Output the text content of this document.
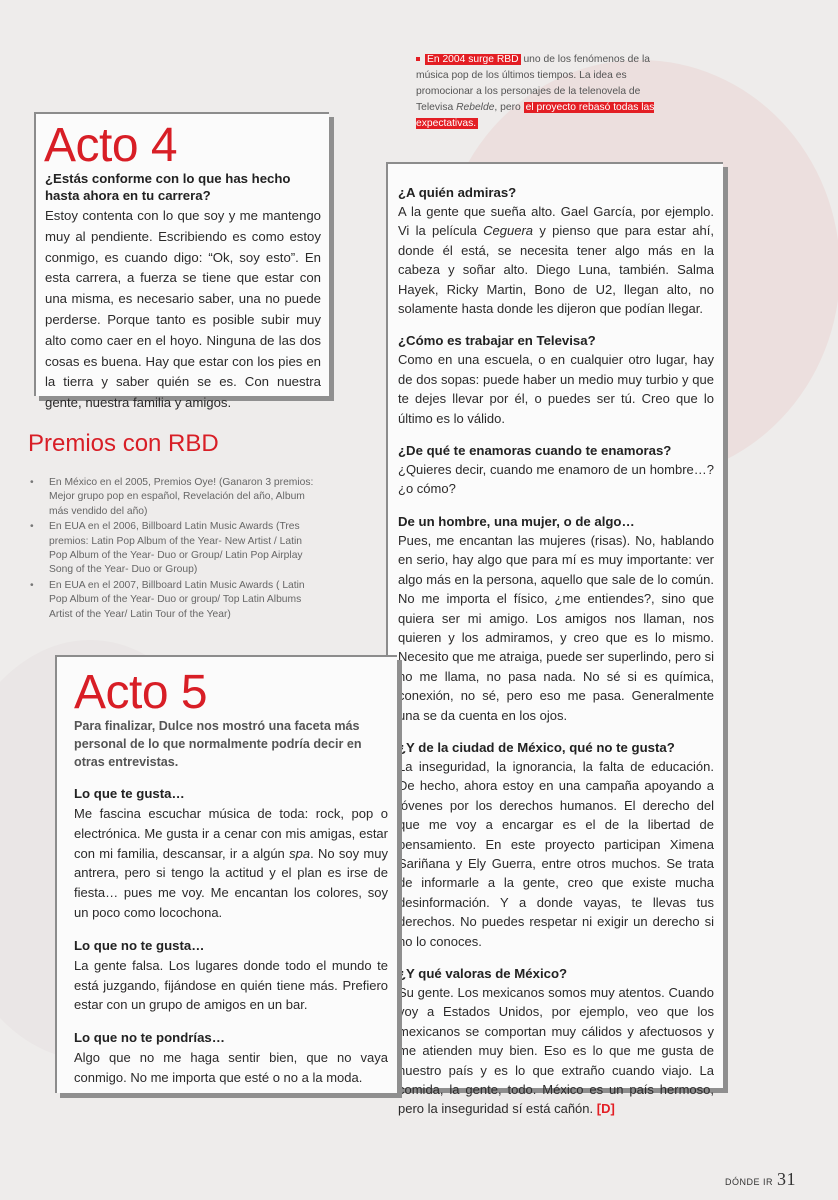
En 2004 surge RBD uno de los fenómenos de la música pop de los últimos tiempos. La idea es promocionar a los personajes de la telenovela de Televisa Rebelde, pero el proyecto rebasó todas las expectativas.
Acto 4
¿Estás conforme con lo que has hecho hasta ahora en tu carrera?
Estoy contenta con lo que soy y me mantengo muy al pendiente. Escribiendo es como estoy conmigo, es cuando digo: “Ok, soy esto”. En esta carrera, a fuerza se tiene que estar con una misma, es necesario saber, una no puede perderse. Porque tanto es posible subir muy alto como caer en el hoyo. Ninguna de las dos cosas es buena. Hay que estar con los pies en la tierra y saber quién se es. Con nuestra gente, nuestra familia y amigos.
¿A quién admiras?
A la gente que sueña alto. Gael García, por ejemplo. Vi la película Ceguera y pienso que para estar ahí, donde él está, se necesita tener algo más en la cabeza y soñar alto. Diego Luna, también. Salma Hayek, Ricky Martin, Bono de U2, llegan alto, no solamente hasta donde les dijeron que podían llegar.
¿Cómo es trabajar en Televisa?
Como en una escuela, o en cualquier otro lugar, hay de dos sopas: puede haber un medio muy turbio y que te dejes llevar por él, o puedes ser tú. Creo que lo último es lo válido.
¿De qué te enamoras cuando te enamoras?
¿Quieres decir, cuando me enamoro de un hombre…? ¿o cómo?
De un hombre, una mujer, o de algo…
Pues, me encantan las mujeres (risas). No, hablando en serio, hay algo que para mí es muy importante: ver algo más en la persona, aquello que sale de lo común. No me importa el físico, ¿me entiendes?, sino que quiera ser mi amigo. Los amigos nos llaman, nos quieren y los admiramos, y creo que es lo mismo. Necesito que me atraiga, puede ser superlindo, pero si no me llama, no pasa nada. No sé si es química, conexión, no sé, pero eso me pasa. Generalmente una se da cuenta en los ojos.
¿Y de la ciudad de México, qué no te gusta?
La inseguridad, la ignorancia, la falta de educación. De hecho, ahora estoy en una campaña apoyando a jóvenes por los derechos humanos. El derecho del que me voy a encargar es el de la libertad de pensamiento. En este proyecto participan Ximena Sariñana y Ely Guerra, entre otros muchos. Se trata de informarle a la gente, creo que existe mucha desinformación. Y a donde vayas, te llevas tus derechos. No puedes respetar ni exigir un derecho si no lo conoces.
¿Y qué valoras de México?
Su gente. Los mexicanos somos muy atentos. Cuando voy a Estados Unidos, por ejemplo, veo que los mexicanos se comportan muy cálidos y afectuosos y me atienden muy bien. Eso es lo que me gusta de nuestro país y es lo que extraño cuando viajo. La comida, la gente, todo. México es un país hermoso, pero la inseguridad sí está cañón. [D]
Premios con RBD
• En México en el 2005, Premios Oye! (Ganaron 3 premios: Mejor grupo pop en español, Revelación del año, Album más vendido del año)
• En EUA en el 2006, Billboard Latin Music Awards (Tres premios: Latin Pop Album of the Year- New Artist / Latin Pop Album of the Year- Duo or Group/ Latin Pop Airplay Song of the Year- Duo or Group)
• En EUA en el 2007, Billboard Latin Music Awards ( Latin Pop Album of the Year- Duo or group/ Top Latin Albums Artist of the Year/ Latin Tour of the Year)
Acto 5
Para finalizar, Dulce nos mostró una faceta más personal de lo que normalmente podría decir en otras entrevistas.
Lo que te gusta…
Me fascina escuchar música de toda: rock, pop o electrónica. Me gusta ir a cenar con mis amigas, estar con mi familia, descansar, ir a algún spa. No soy muy antrera, pero si tengo la actitud y el plan es irse de fiesta… pues me voy. Me encantan los colores, soy un poco como locochona.
Lo que no te gusta…
La gente falsa. Los lugares donde todo el mundo te está juzgando, fijándose en quién tiene más. Prefiero estar con un grupo de amigos en un bar.
Lo que no te pondrías…
Algo que no me haga sentir bien, que no vaya conmigo. No me importa que esté o no a la moda.
DÓNDE IR 31
